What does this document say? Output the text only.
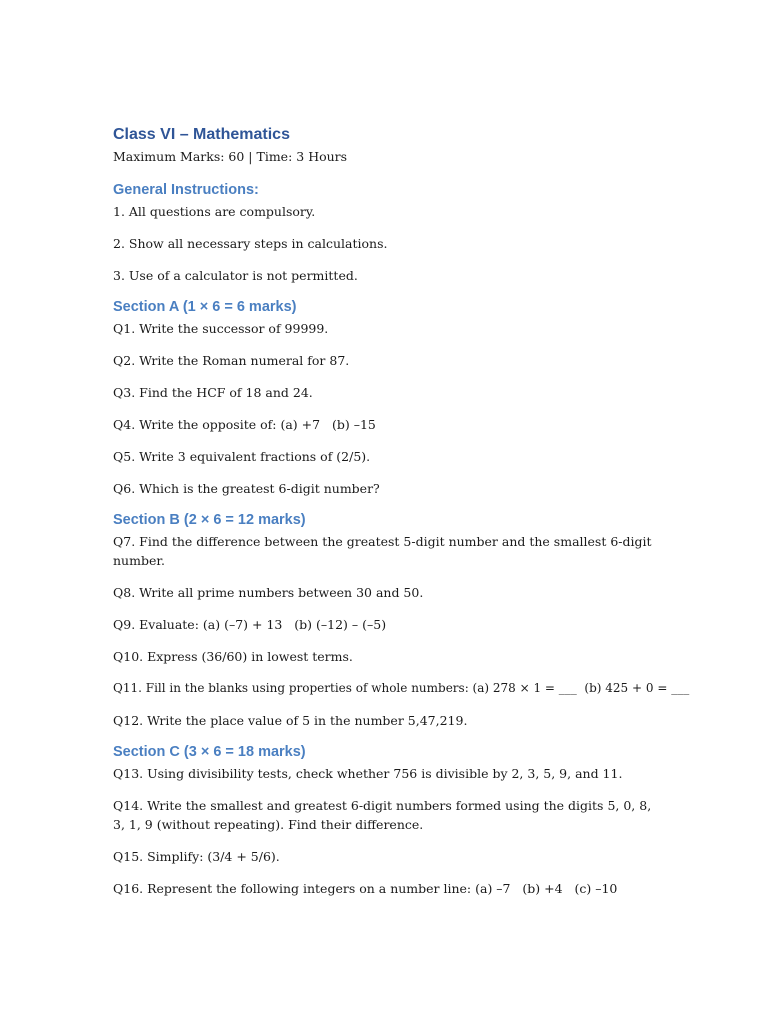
Class VI – Mathematics

Maximum Marks: 60 | Time: 3 Hours

General Instructions:

1. All questions are compulsory.

2. Show all necessary steps in calculations.

3. Use of a calculator is not permitted.

Section A (1 × 6 = 6 marks)

Q1. Write the successor of 99999.

Q2. Write the Roman numeral for 87.

Q3. Find the HCF of 18 and 24.

Q4. Write the opposite of: (a) +7   (b) –15

Q5. Write 3 equivalent fractions of (2/5).

Q6. Which is the greatest 6-digit number?

Section B (2 × 6 = 12 marks)

Q7. Find the difference between the greatest 5-digit number and the smallest 6-digit number.

Q8. Write all prime numbers between 30 and 50.

Q9. Evaluate: (a) (–7) + 13   (b) (–12) – (–5)

Q10. Express (36/60) in lowest terms.

Q11. Fill in the blanks using properties of whole numbers: (a) 278 × 1 = ___  (b) 425 + 0 = ___

Q12. Write the place value of 5 in the number 5,47,219.

Section C (3 × 6 = 18 marks)

Q13. Using divisibility tests, check whether 756 is divisible by 2, 3, 5, 9, and 11.

Q14. Write the smallest and greatest 6-digit numbers formed using the digits 5, 0, 8, 3, 1, 9 (without repeating). Find their difference.

Q15. Simplify: (3/4 + 5/6).

Q16. Represent the following integers on a number line: (a) –7   (b) +4   (c) –10
